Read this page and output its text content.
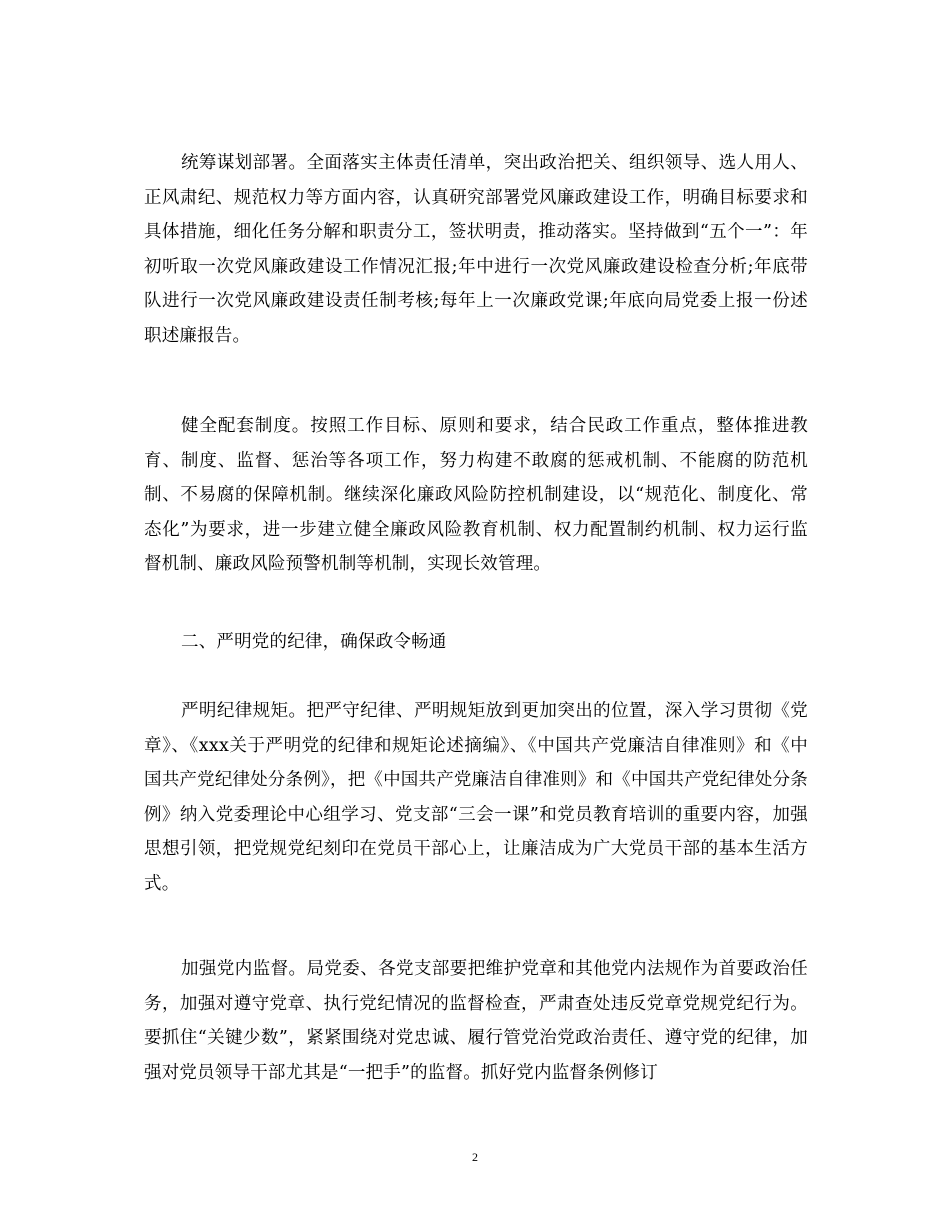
统筹谋划部署。全面落实主体责任清单，突出政治把关、组织领导、选人用人、正风肃纪、规范权力等方面内容，认真研究部署党风廉政建设工作，明确目标要求和具体措施，细化任务分解和职责分工，签状明责，推动落实。坚持做到“五个一”：年初听取一次党风廉政建设工作情况汇报;年中进行一次党风廉政建设检查分析;年底带队进行一次党风廉政建设责任制考核;每年上一次廉政党课;年底向局党委上报一份述职述廉报告。

健全配套制度。按照工作目标、原则和要求，结合民政工作重点，整体推进教育、制度、监督、惩治等各项工作，努力构建不敢腐的惩戒机制、不能腐的防范机制、不易腐的保障机制。继续深化廉政风险防控机制建设，以“规范化、制度化、常态化”为要求，进一步建立健全廉政风险教育机制、权力配置制约机制、权力运行监督机制、廉政风险预警机制等机制，实现长效管理。

二、严明党的纪律，确保政令畅通

严明纪律规矩。把严守纪律、严明规矩放到更加突出的位置，深入学习贯彻《党章》、《xxx关于严明党的纪律和规矩论述摘编》、《中国共产党廉洁自律准则》和《中国共产党纪律处分条例》，把《中国共产党廉洁自律准则》和《中国共产党纪律处分条例》纳入党委理论中心组学习、党支部“三会一课”和党员教育培训的重要内容，加强思想引领，把党规党纪刻印在党员干部心上，让廉洁成为广大党员干部的基本生活方式。

加强党内监督。局党委、各党支部要把维护党章和其他党内法规作为首要政治任务，加强对遵守党章、执行党纪情况的监督检查，严肃查处违反党章党规党纪行为。要抓住“关键少数”，紧紧围绕对党忠诚、履行管党治党政治责任、遵守党的纪律，加强对党员领导干部尤其是“一把手”的监督。抓好党内监督条例修订

2
